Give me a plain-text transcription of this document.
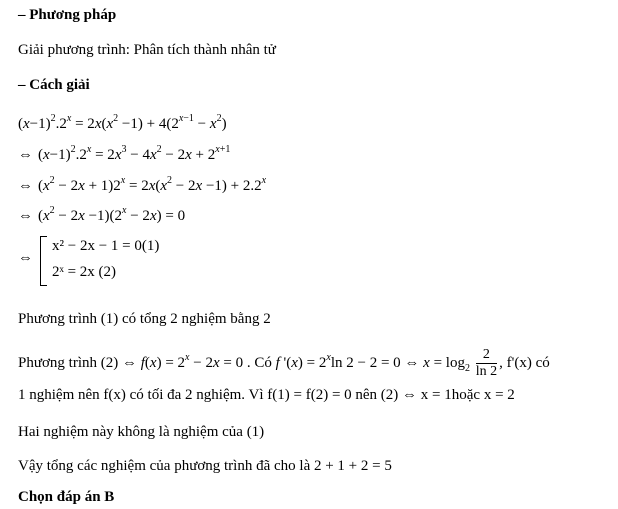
– Phương pháp
Giải phương trình: Phân tích thành nhân tử
– Cách giải
$(x-1)^2.2^x = 2x(x^2 -1) + 4(2^{x-1} - x^2)$
⇔ $(x-1)^2.2^x = 2x^3 - 4x^2 - 2x + 2^{x+1}$
⇔ $(x^2 - 2x + 1)2^x = 2x(x^2 - 2x -1) + 2.2^x$
⇔ $(x^2 - 2x -1)(2^x - 2x) = 0$
⇔
x² − 2x − 1 = 0(1)
2ˣ = 2x (2)
Phương trình (1) có tổng 2 nghiệm bằng 2
Phương trình (2) ⇔ $f(x) = 2^x - 2x = 0$ . Có f '$(x) = 2^x\ln$ 2 − 2 = 0 ⇔ $x = \log_2 \frac{2}{\ln 2}$ , f'(x) có
1 nghiệm nên f(x) có tối đa 2 nghiệm. Vì f(1) = f(2) = 0 nên (2) ⇔ x = 1hoặc x = 2
Hai nghiệm này không là nghiệm của (1)
Vậy tổng các nghiệm của phương trình đã cho là 2 + 1 + 2 = 5
Chọn đáp án B
